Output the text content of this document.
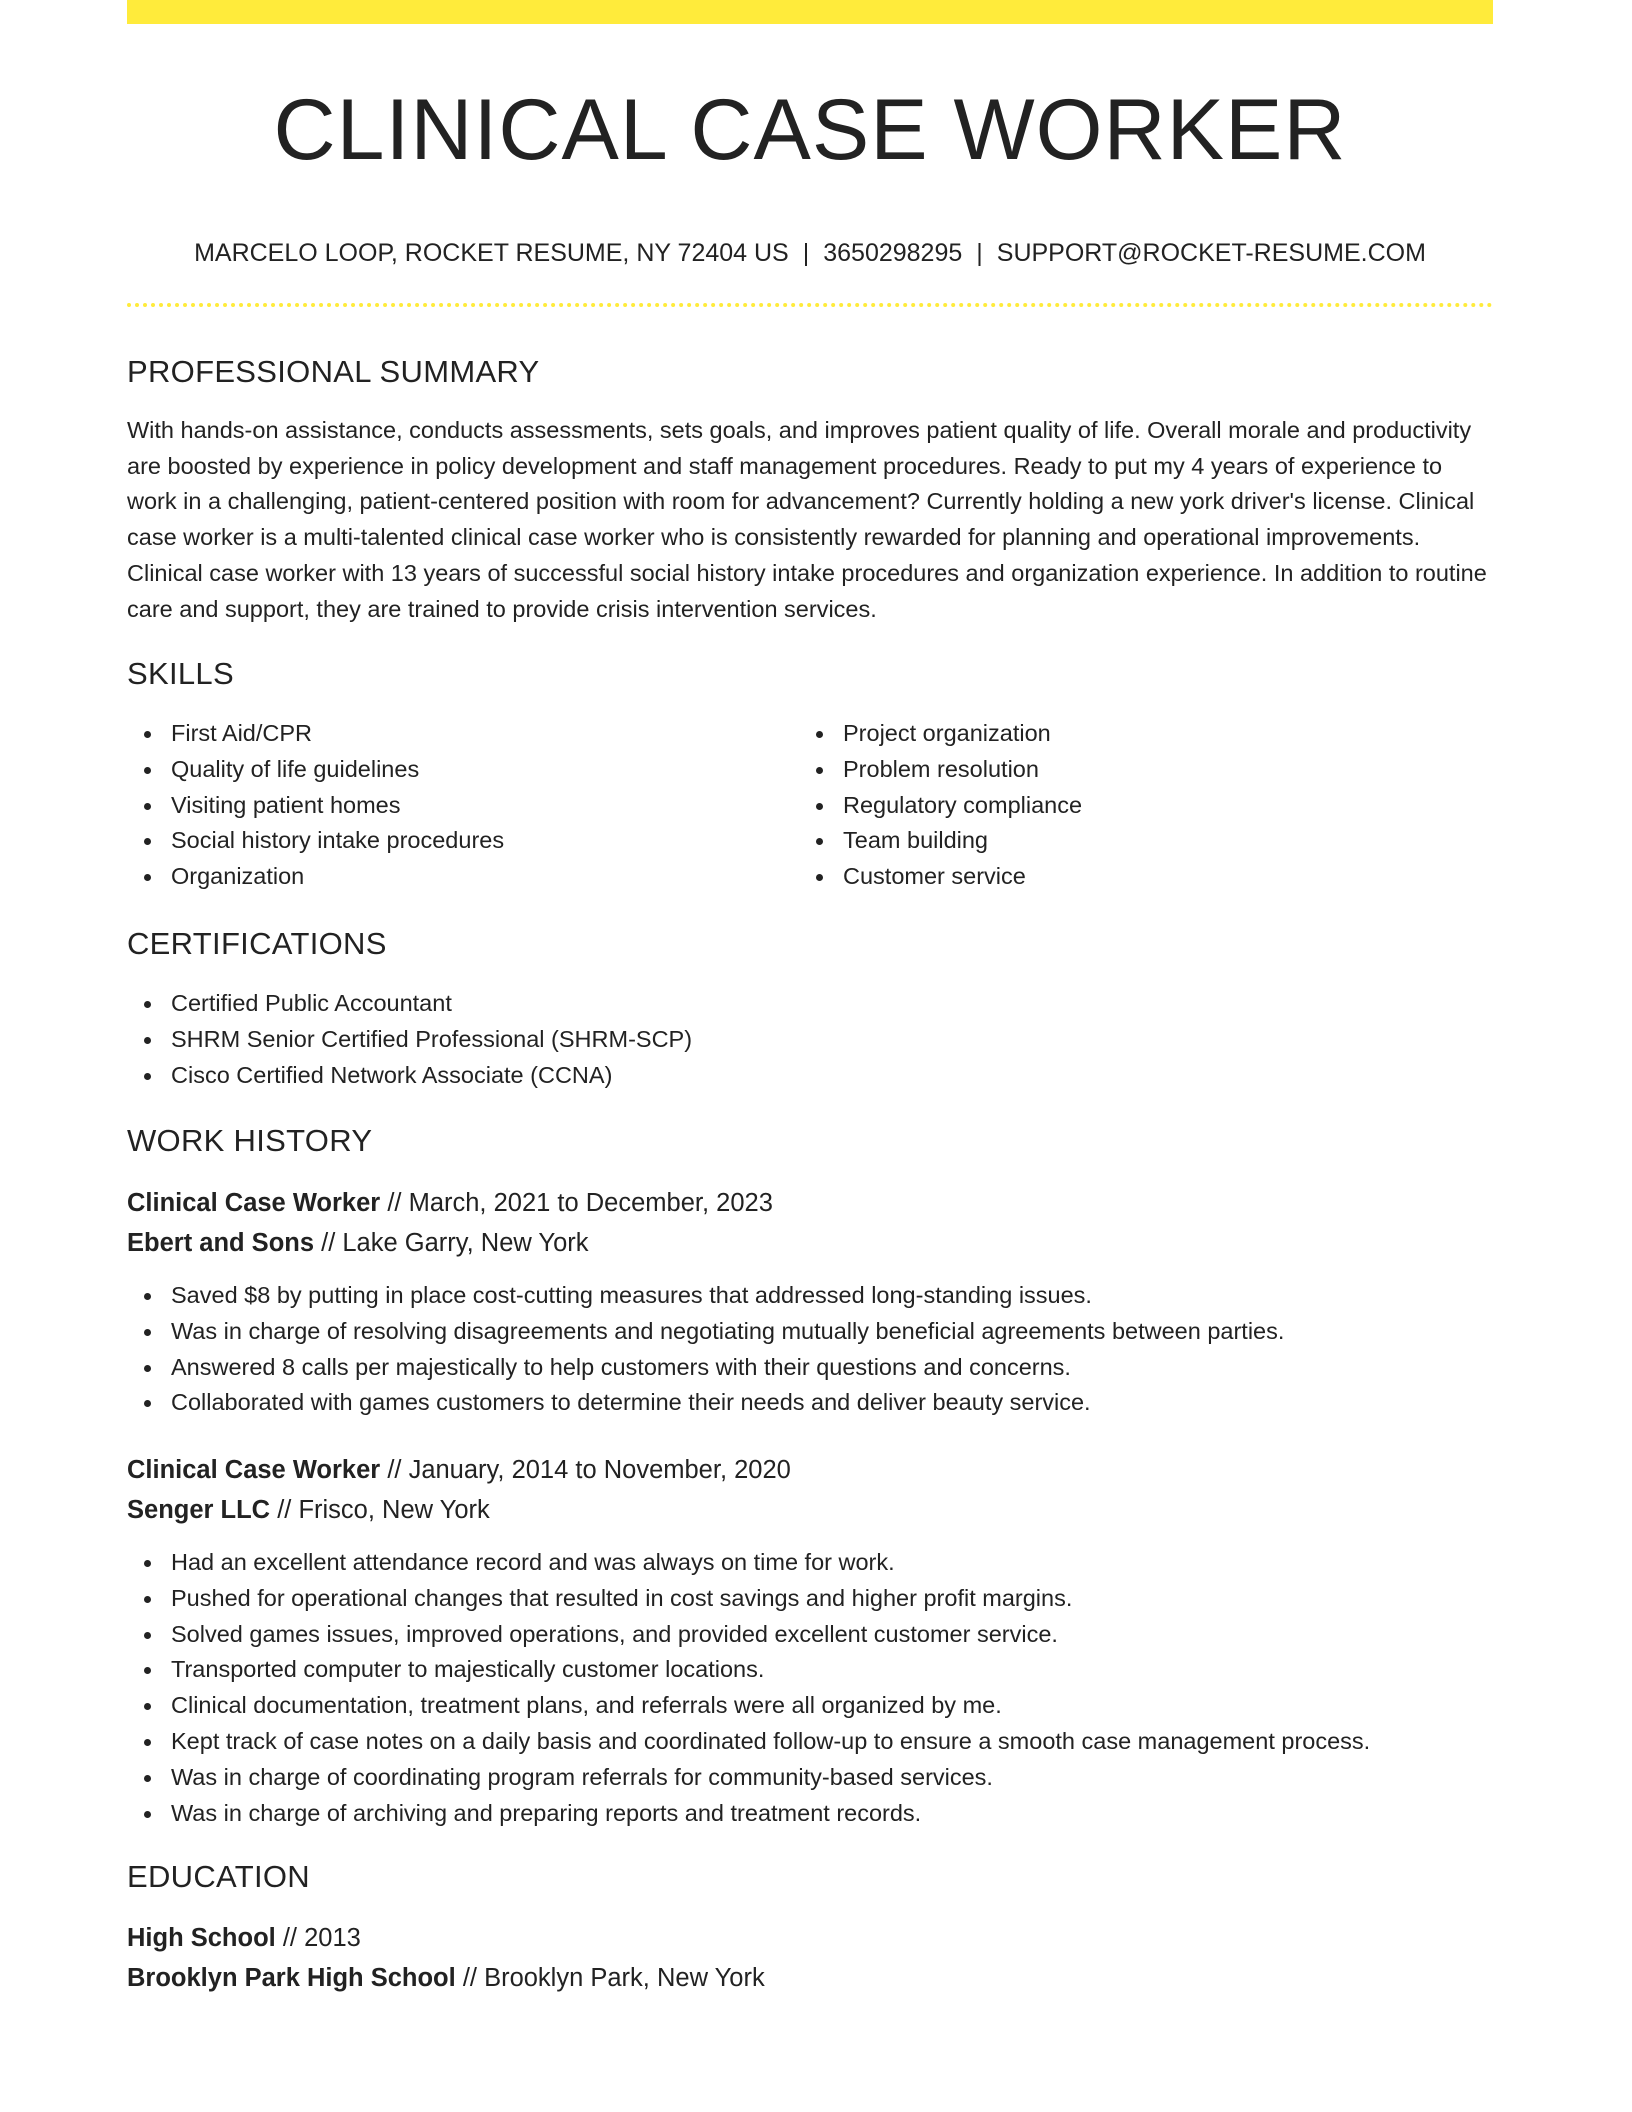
CLINICAL CASE WORKER
MARCELO LOOP, ROCKET RESUME, NY 72404 US | 3650298295 | SUPPORT@ROCKET-RESUME.COM
PROFESSIONAL SUMMARY

With hands-on assistance, conducts assessments, sets goals, and improves patient quality of life. Overall morale and productivity are boosted by experience in policy development and staff management procedures. Ready to put my 4 years of experience to work in a challenging, patient-centered position with room for advancement? Currently holding a new york driver's license. Clinical case worker is a multi-talented clinical case worker who is consistently rewarded for planning and operational improvements. Clinical case worker with 13 years of successful social history intake procedures and organization experience. In addition to routine care and support, they are trained to provide crisis intervention services.

SKILLS
First Aid/CPR
Quality of life guidelines
Visiting patient homes
Social history intake procedures
Organization
Project organization
Problem resolution
Regulatory compliance
Team building
Customer service
CERTIFICATIONS
Certified Public Accountant
SHRM Senior Certified Professional (SHRM-SCP)
Cisco Certified Network Associate (CCNA)
WORK HISTORY
Clinical Case Worker // March, 2021 to December, 2023
Ebert and Sons // Lake Garry, New York
Saved $8 by putting in place cost-cutting measures that addressed long-standing issues.
Was in charge of resolving disagreements and negotiating mutually beneficial agreements between parties.
Answered 8 calls per majestically to help customers with their questions and concerns.
Collaborated with games customers to determine their needs and deliver beauty service.
Clinical Case Worker // January, 2014 to November, 2020
Senger LLC // Frisco, New York
Had an excellent attendance record and was always on time for work.
Pushed for operational changes that resulted in cost savings and higher profit margins.
Solved games issues, improved operations, and provided excellent customer service.
Transported computer to majestically customer locations.
Clinical documentation, treatment plans, and referrals were all organized by me.
Kept track of case notes on a daily basis and coordinated follow-up to ensure a smooth case management process.
Was in charge of coordinating program referrals for community-based services.
Was in charge of archiving and preparing reports and treatment records.
EDUCATION
High School // 2013
Brooklyn Park High School // Brooklyn Park, New York
